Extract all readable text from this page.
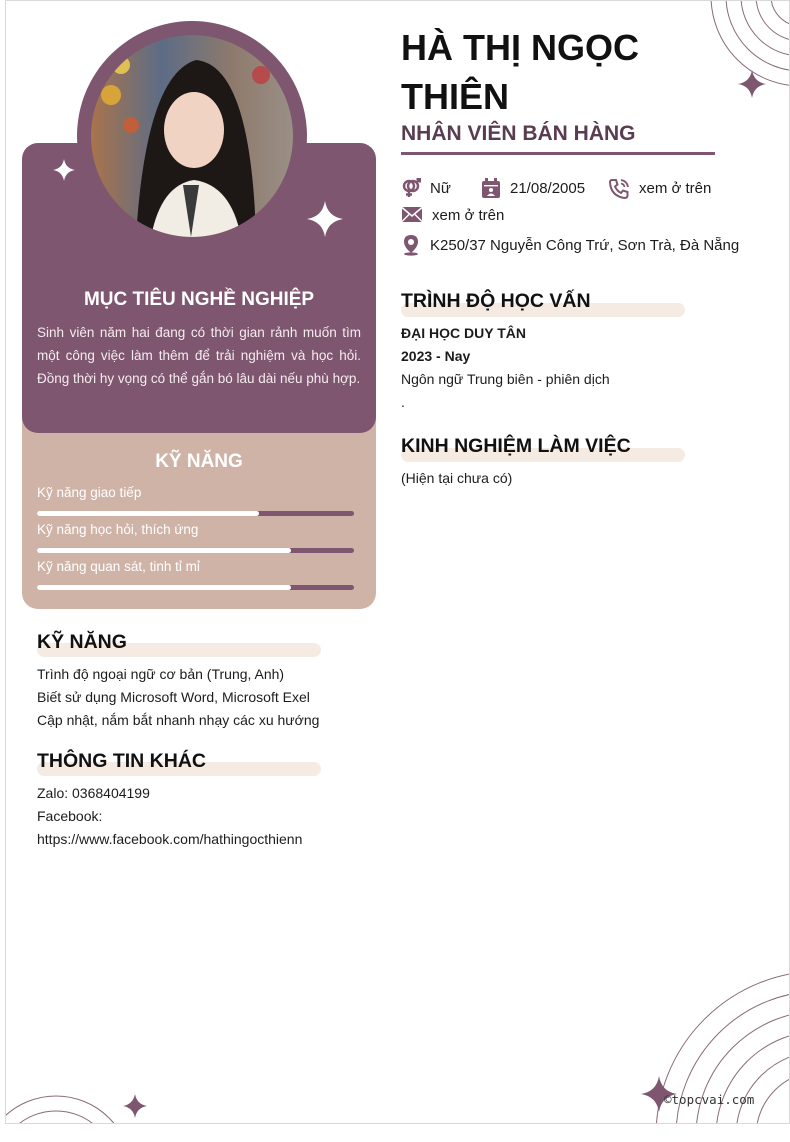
MỤC TIÊU NGHỀ NGHIỆP
Sinh viên năm hai đang có thời gian rảnh muốn tìm một công việc làm thêm để trải nghiệm và học hỏi. Đồng thời hy vọng có thể gắn bó lâu dài nếu phù hợp.
KỸ NĂNG
Kỹ năng giao tiếp
Kỹ năng học hỏi, thích ứng
Kỹ năng quan sát, tinh tỉ mỉ
KỸ NĂNG
Trình độ ngoại ngữ cơ bản (Trung, Anh)
Biết sử dụng Microsoft Word, Microsoft Exel
Cập nhật, nắm bắt nhanh nhạy các xu hướng
THÔNG TIN KHÁC
Zalo: 0368404199
Facebook:
https://www.facebook.com/hathingocthienn
HÀ THỊ NGỌC
THIÊN
NHÂN VIÊN BÁN HÀNG
Nữ	21/08/2005	xem ở trên
xem ở trên
K250/37 Nguyễn Công Trứ, Sơn Trà, Đà Nẵng
TRÌNH ĐỘ HỌC VẤN
ĐẠI HỌC DUY TÂN
2023 - Nay
Ngôn ngữ Trung biên - phiên dịch
.
KINH NGHIỆM LÀM VIỆC
(Hiện tại chưa có)
©topcvai.com
